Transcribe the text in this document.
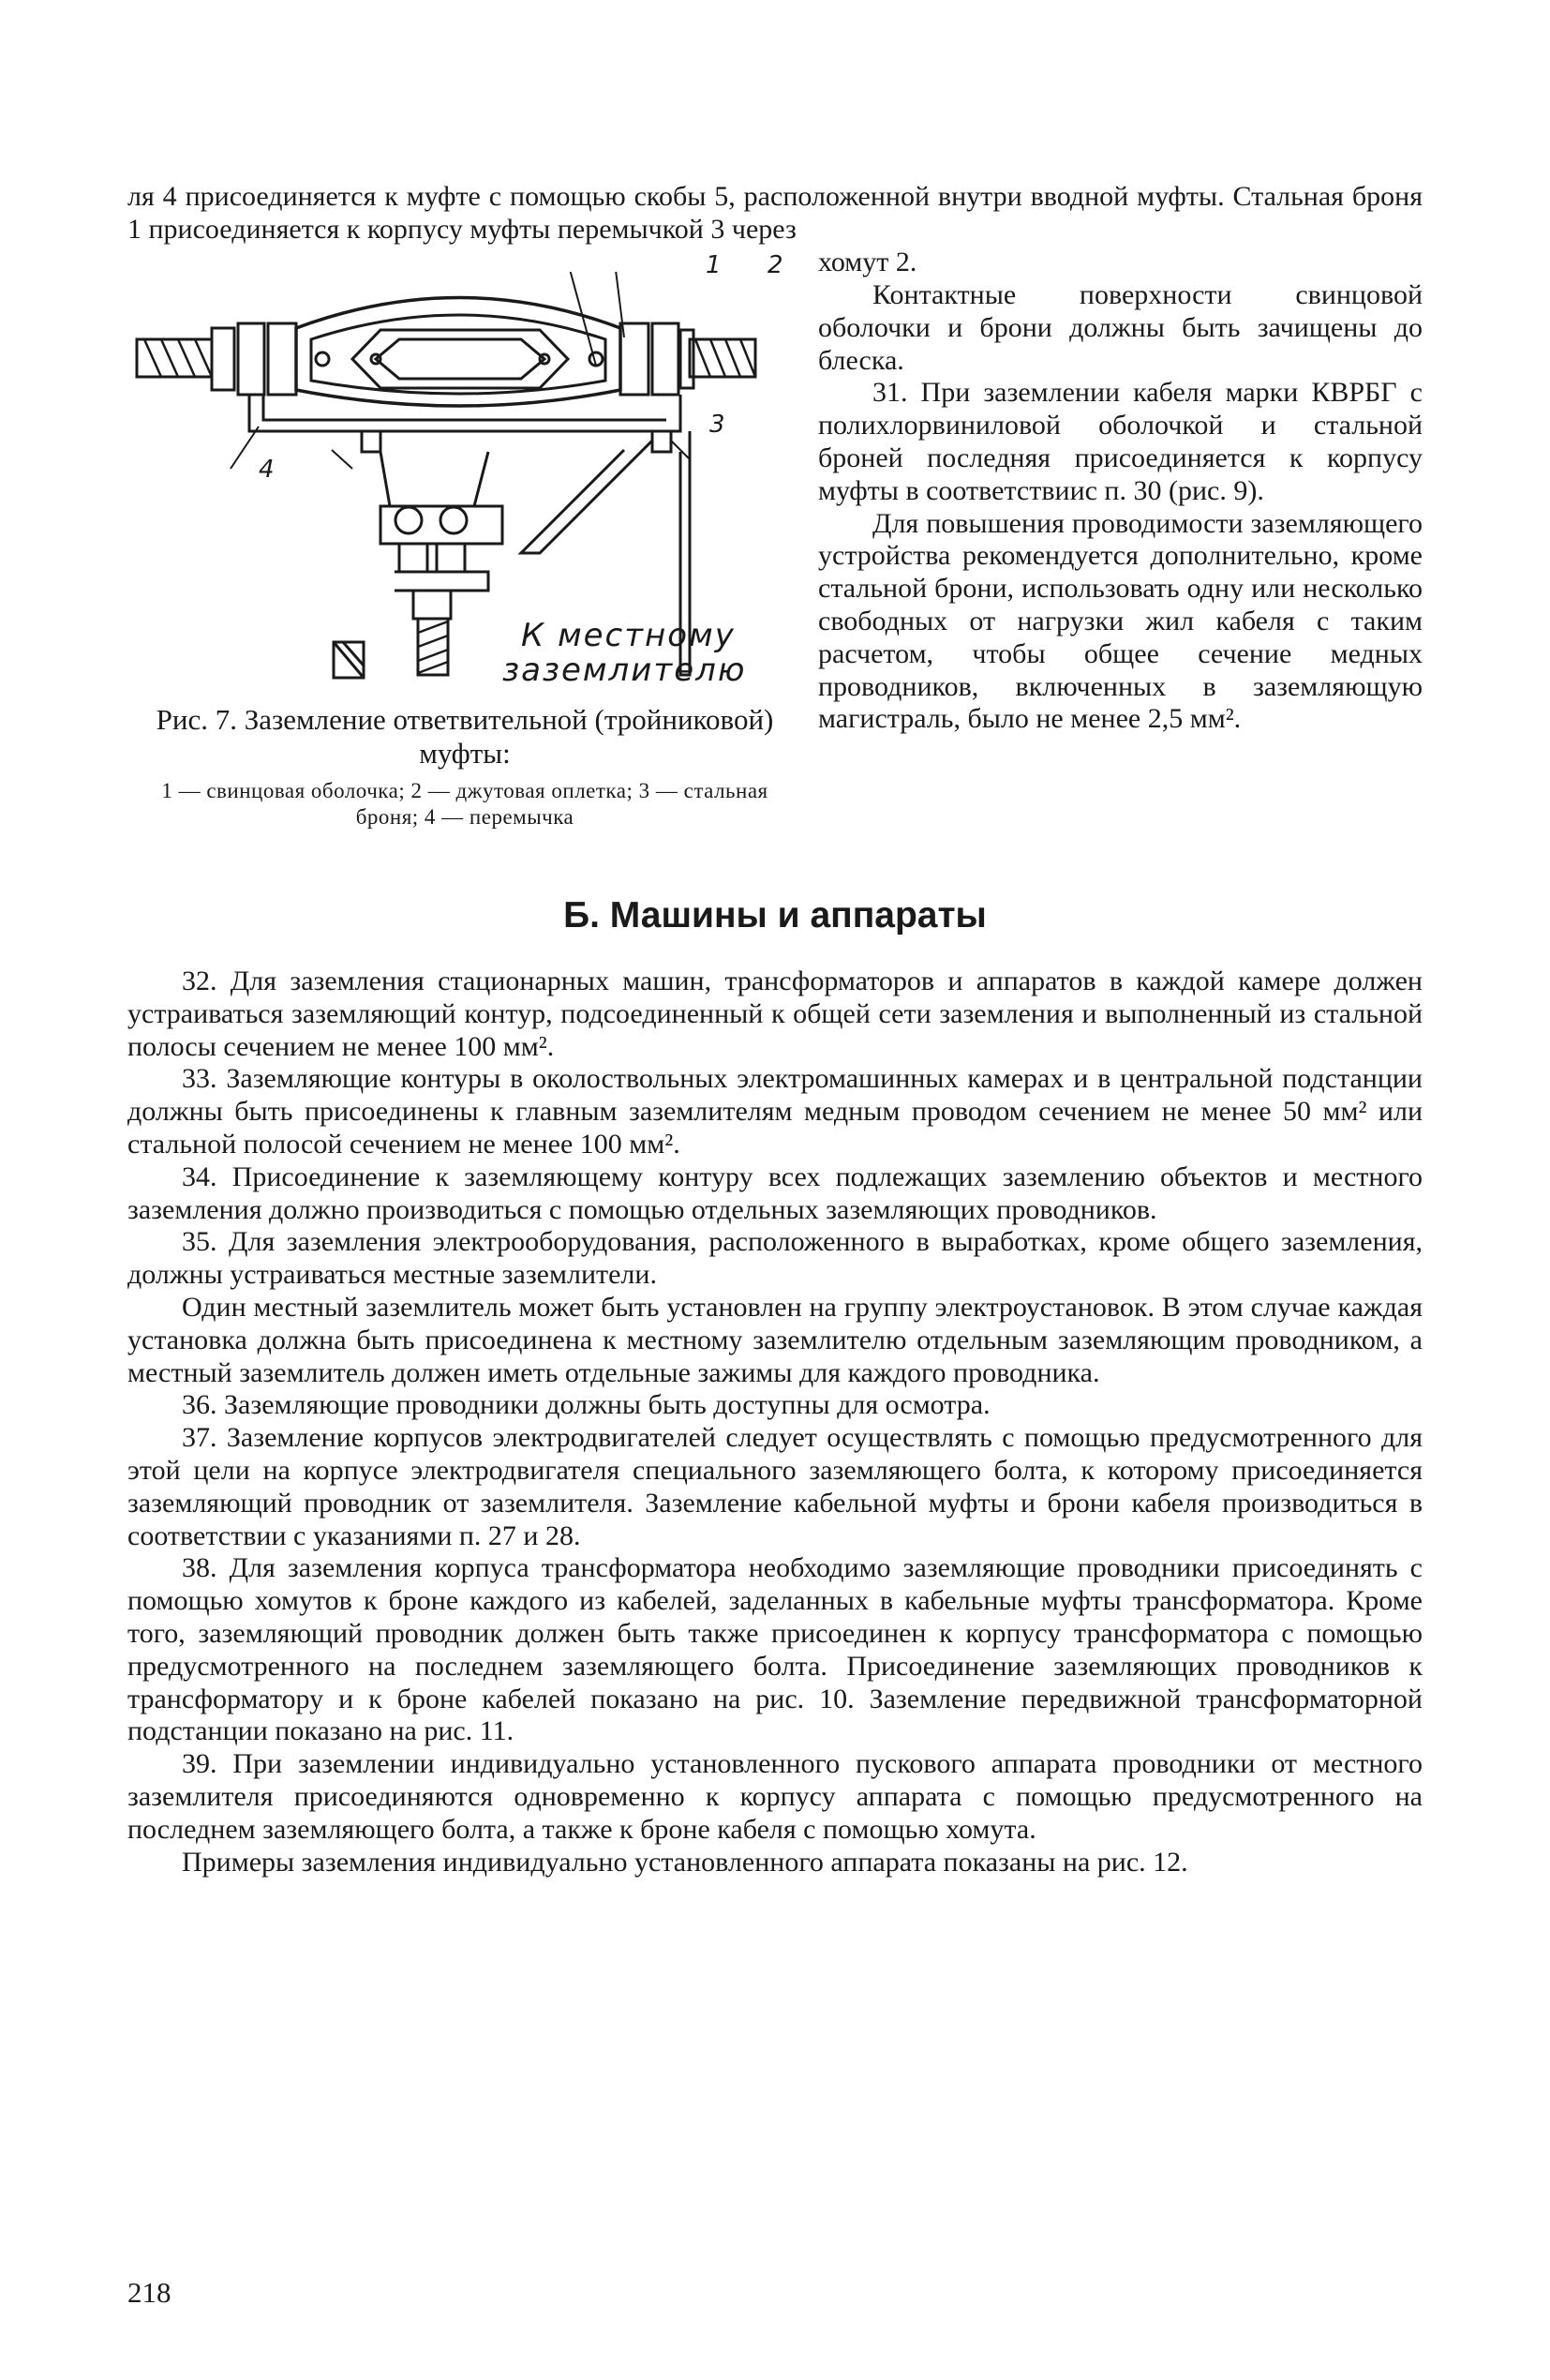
ля 4 присоединяется к муфте с помощью скобы 5, расположенной внутри вводной муфты. Стальная броня 1 присоединяется к корпусу муфты перемычкой 3 через

хомут 2.

Контактные поверхности свинцовой оболочки и брони должны быть зачищены до блеска.

31. При заземлении кабеля марки КВРБГ с полихлорвиниловой оболочкой и стальной броней последняя присоединяется к корпусу муфты в соответствиис п. 30 (рис. 9).

Для повышения проводимости заземляющего устройства рекомендуется дополнительно, кроме стальной брони, использовать одну или несколько свободных от нагрузки жил кабеля с таким расчетом, чтобы общее сечение медных проводников, включенных в заземляющую магистраль, было не менее 2,5 мм².

1 2
3
4
К местному
заземлителю
Рис. 7. Заземление ответвительной (тройниковой) муфты:
1 — свинцовая оболочка; 2 — джутовая оплетка; 3 — стальная броня; 4 — перемычка
Б. Машины и аппараты

32. Для заземления стационарных машин, трансформаторов и аппаратов в каждой камере должен устраиваться заземляющий контур, подсоединенный к общей сети заземления и выполненный из стальной полосы сечением не менее 100 мм².

33. Заземляющие контуры в околоствольных электромашинных камерах и в центральной подстанции должны быть присоединены к главным заземлителям медным проводом сечением не менее 50 мм² или стальной полосой сечением не менее 100 мм².

34. Присоединение к заземляющему контуру всех подлежащих заземлению объектов и местного заземления должно производиться с помощью отдельных заземляющих проводников.

35. Для заземления электрооборудования, расположенного в выработках, кроме общего заземления, должны устраиваться местные заземлители.

Один местный заземлитель может быть установлен на группу электроустановок. В этом случае каждая установка должна быть присоединена к местному заземлителю отдельным заземляющим проводником, а местный заземлитель должен иметь отдельные зажимы для каждого проводника.

36. Заземляющие проводники должны быть доступны для осмотра.

37. Заземление корпусов электродвигателей следует осуществлять с помощью предусмотренного для этой цели на корпусе электродвигателя специального заземляющего болта, к которому присоединяется заземляющий проводник от заземлителя. Заземление кабельной муфты и брони кабеля производиться в соответствии с указаниями п. 27 и 28.

38. Для заземления корпуса трансформатора необходимо заземляющие проводники присоединять с помощью хомутов к броне каждого из кабелей, заделанных в кабельные муфты трансформатора. Кроме того, заземляющий проводник должен быть также присоединен к корпусу трансформатора с помощью предусмотренного на последнем заземляющего болта. Присоединение заземляющих проводников к трансформатору и к броне кабелей показано на рис. 10. Заземление передвижной трансформаторной подстанции показано на рис. 11.

39. При заземлении индивидуально установленного пускового аппарата проводники от местного заземлителя присоединяются одновременно к корпусу аппарата с помощью предусмотренного на последнем заземляющего болта, а также к броне кабеля с помощью хомута.

Примеры заземления индивидуально установленного аппарата показаны на рис. 12.

218
